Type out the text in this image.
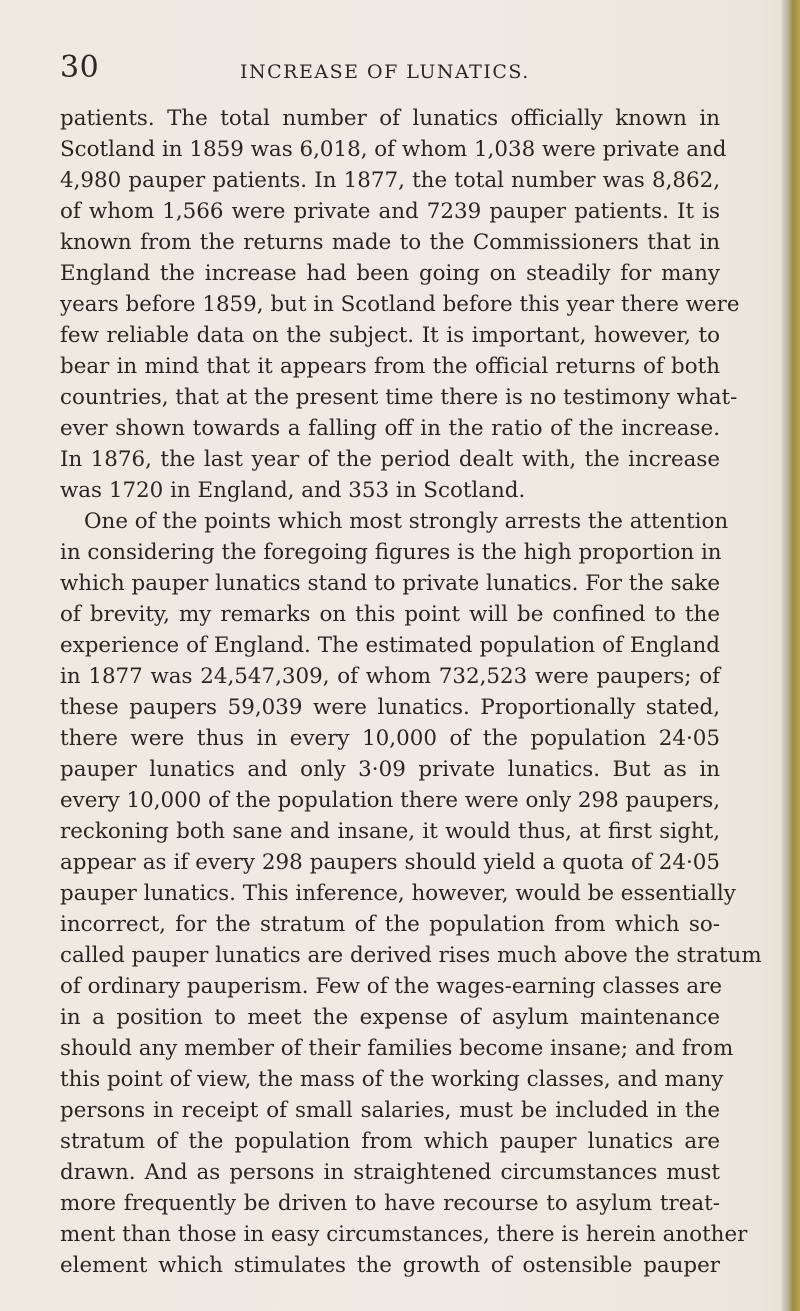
30	INCREASE OF LUNATICS.
patients. The total number of lunatics officially known in
Scotland in 1859 was 6,018, of whom 1,038 were private and
4,980 pauper patients. In 1877, the total number was 8,862,
of whom 1,566 were private and 7239 pauper patients. It is
known from the returns made to the Commissioners that in
England the increase had been going on steadily for many
years before 1859, but in Scotland before this year there were
few reliable data on the subject. It is important, however, to
bear in mind that it appears from the official returns of both
countries, that at the present time there is no testimony what-
ever shown towards a falling off in the ratio of the increase.
In 1876, the last year of the period dealt with, the increase
was 1720 in England, and 353 in Scotland.
One of the points which most strongly arrests the attention
in considering the foregoing figures is the high proportion in
which pauper lunatics stand to private lunatics. For the sake
of brevity, my remarks on this point will be confined to the
experience of England. The estimated population of England
in 1877 was 24,547,309, of whom 732,523 were paupers; of
these paupers 59,039 were lunatics. Proportionally stated,
there were thus in every 10,000 of the population 24·05
pauper lunatics and only 3·09 private lunatics. But as in
every 10,000 of the population there were only 298 paupers,
reckoning both sane and insane, it would thus, at first sight,
appear as if every 298 paupers should yield a quota of 24·05
pauper lunatics. This inference, however, would be essentially
incorrect, for the stratum of the population from which so-
called pauper lunatics are derived rises much above the stratum
of ordinary pauperism. Few of the wages-earning classes are
in a position to meet the expense of asylum maintenance
should any member of their families become insane; and from
this point of view, the mass of the working classes, and many
persons in receipt of small salaries, must be included in the
stratum of the population from which pauper lunatics are
drawn. And as persons in straightened circumstances must
more frequently be driven to have recourse to asylum treat-
ment than those in easy circumstances, there is herein another
element which stimulates the growth of ostensible pauper
